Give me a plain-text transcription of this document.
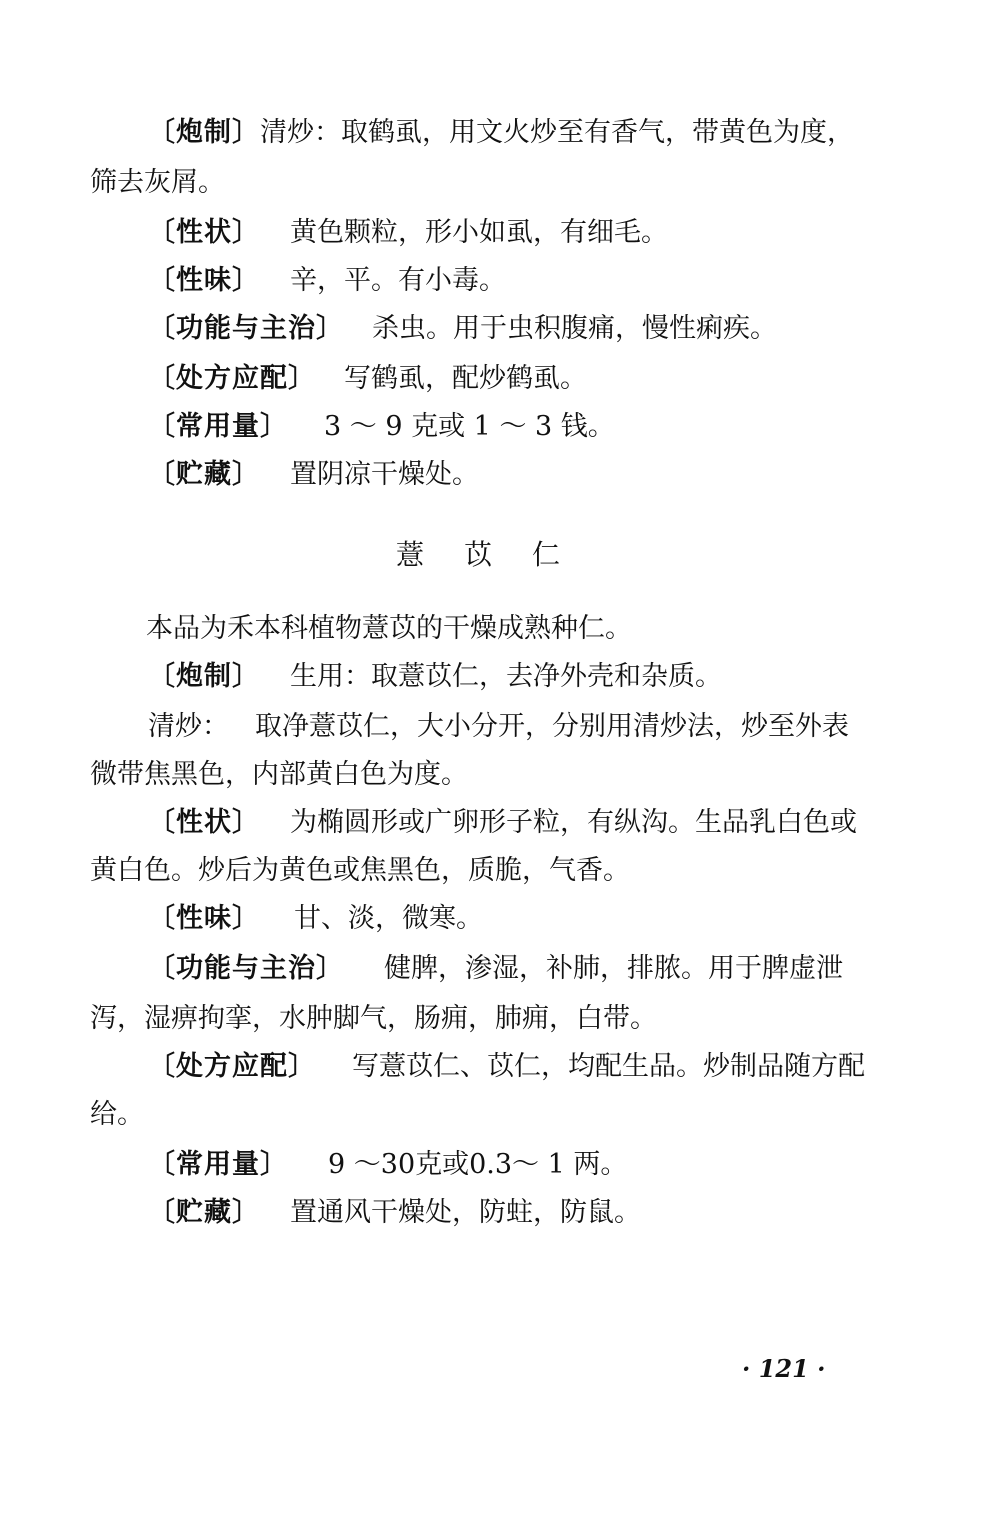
〔炮制〕清炒：取鹤虱，用文火炒至有香气，带黄色为度，
筛去灰屑。
〔性状〕 黄色颗粒，形小如虱，有细毛。
〔性味〕 辛，平。有小毒。
〔功能与主治〕 杀虫。用于虫积腹痛，慢性痢疾。
〔处方应配〕 写鹤虱，配炒鹤虱。
〔常用量〕 3 ～ 9 克或 1 ～ 3 钱。
〔贮藏〕 置阴凉干燥处。
薏苡仁
本品为禾本科植物薏苡的干燥成熟种仁。
〔炮制〕 生用：取薏苡仁，去净外壳和杂质。
清炒： 取净薏苡仁，大小分开，分别用清炒法，炒至外表
微带焦黑色，内部黄白色为度。
〔性状〕 为椭圆形或广卵形子粒，有纵沟。生品乳白色或
黄白色。炒后为黄色或焦黑色，质脆，气香。
〔性味〕 甘、淡，微寒。
〔功能与主治〕 健脾，渗湿，补肺，排脓。用于脾虚泄
泻，湿痹拘挛，水肿脚气，肠痈，肺痈，白带。
〔处方应配〕 写薏苡仁、苡仁，均配生品。炒制品随方配
给。
〔常用量〕 9 ～30克或0.3～ 1 两。
〔贮藏〕 置通风干燥处，防蛀，防鼠。
· 121 ·
